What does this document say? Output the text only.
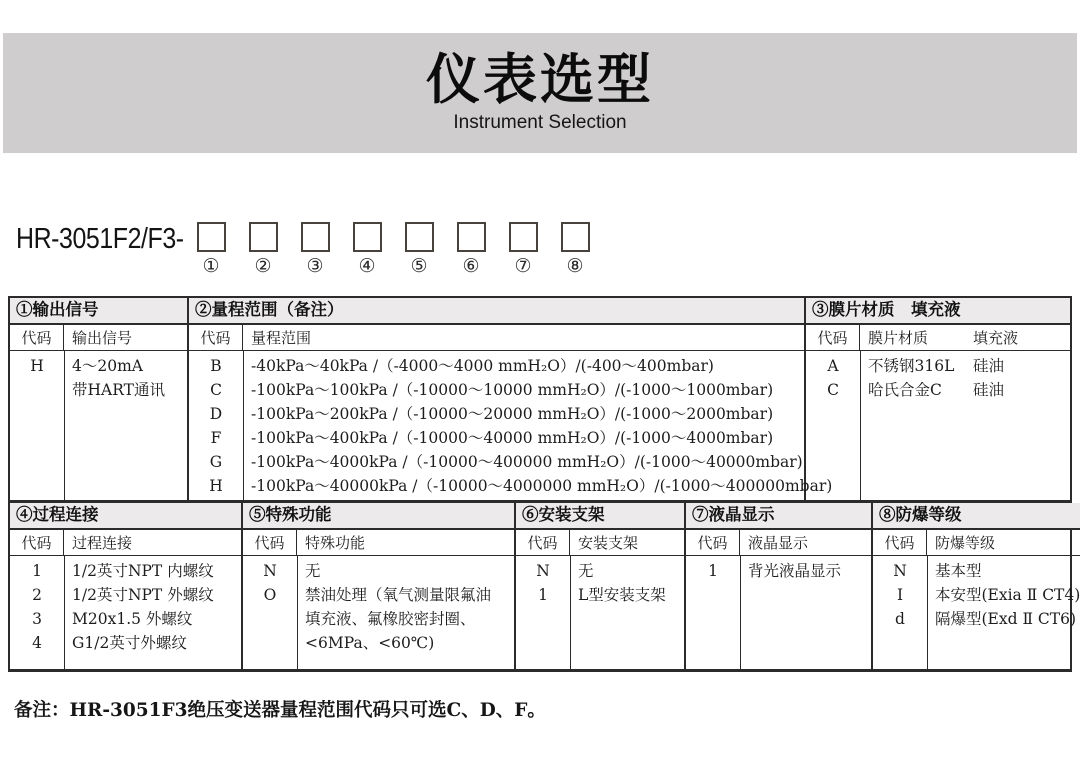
仪表选型
Instrument Selection
HR-3051F2/F3-
① ② ③ ④ ⑤ ⑥ ⑦ ⑧
①输出信号
代码	输出信号
H	4～20mA
带HART通讯
②量程范围（备注）
代码	量程范围
B	-40kPa～40kPa /（-4000～4000 mmH₂O）/(-400～400mbar)
C	-100kPa～100kPa /（-10000～10000 mmH₂O）/(-1000～1000mbar)
D	-100kPa～200kPa /（-10000～20000 mmH₂O）/(-1000～2000mbar)
F	-100kPa～400kPa /（-10000～40000 mmH₂O）/(-1000～4000mbar)
G	-100kPa～4000kPa /（-10000～400000 mmH₂O）/(-1000～40000mbar)
H	-100kPa～40000kPa /（-10000～4000000 mmH₂O）/(-1000～400000mbar)
③膜片材质　填充液
代码	膜片材质	填充液
A	不锈钢316L 硅油
C	哈氏合金C 硅油
④过程连接
代码	过程连接
1	1/2英寸NPT 内螺纹
2	1/2英寸NPT 外螺纹
3	M20x1.5 外螺纹
4	G1/2英寸外螺纹
⑤特殊功能
代码	特殊功能
N	无
O	禁油处理（氧气测量限氟油
填充液、氟橡胶密封圈、
<6MPa、<60℃)
⑥安装支架
代码	安装支架
N	无
1	L型安装支架
⑦液晶显示
代码	液晶显示
1	背光液晶显示
⑧防爆等级
代码	防爆等级
N	基本型
I	本安型(Exia Ⅱ CT4)
d	隔爆型(Exd Ⅱ CT6)
备注：HR-3051F3绝压变送器量程范围代码只可选C、D、F。
